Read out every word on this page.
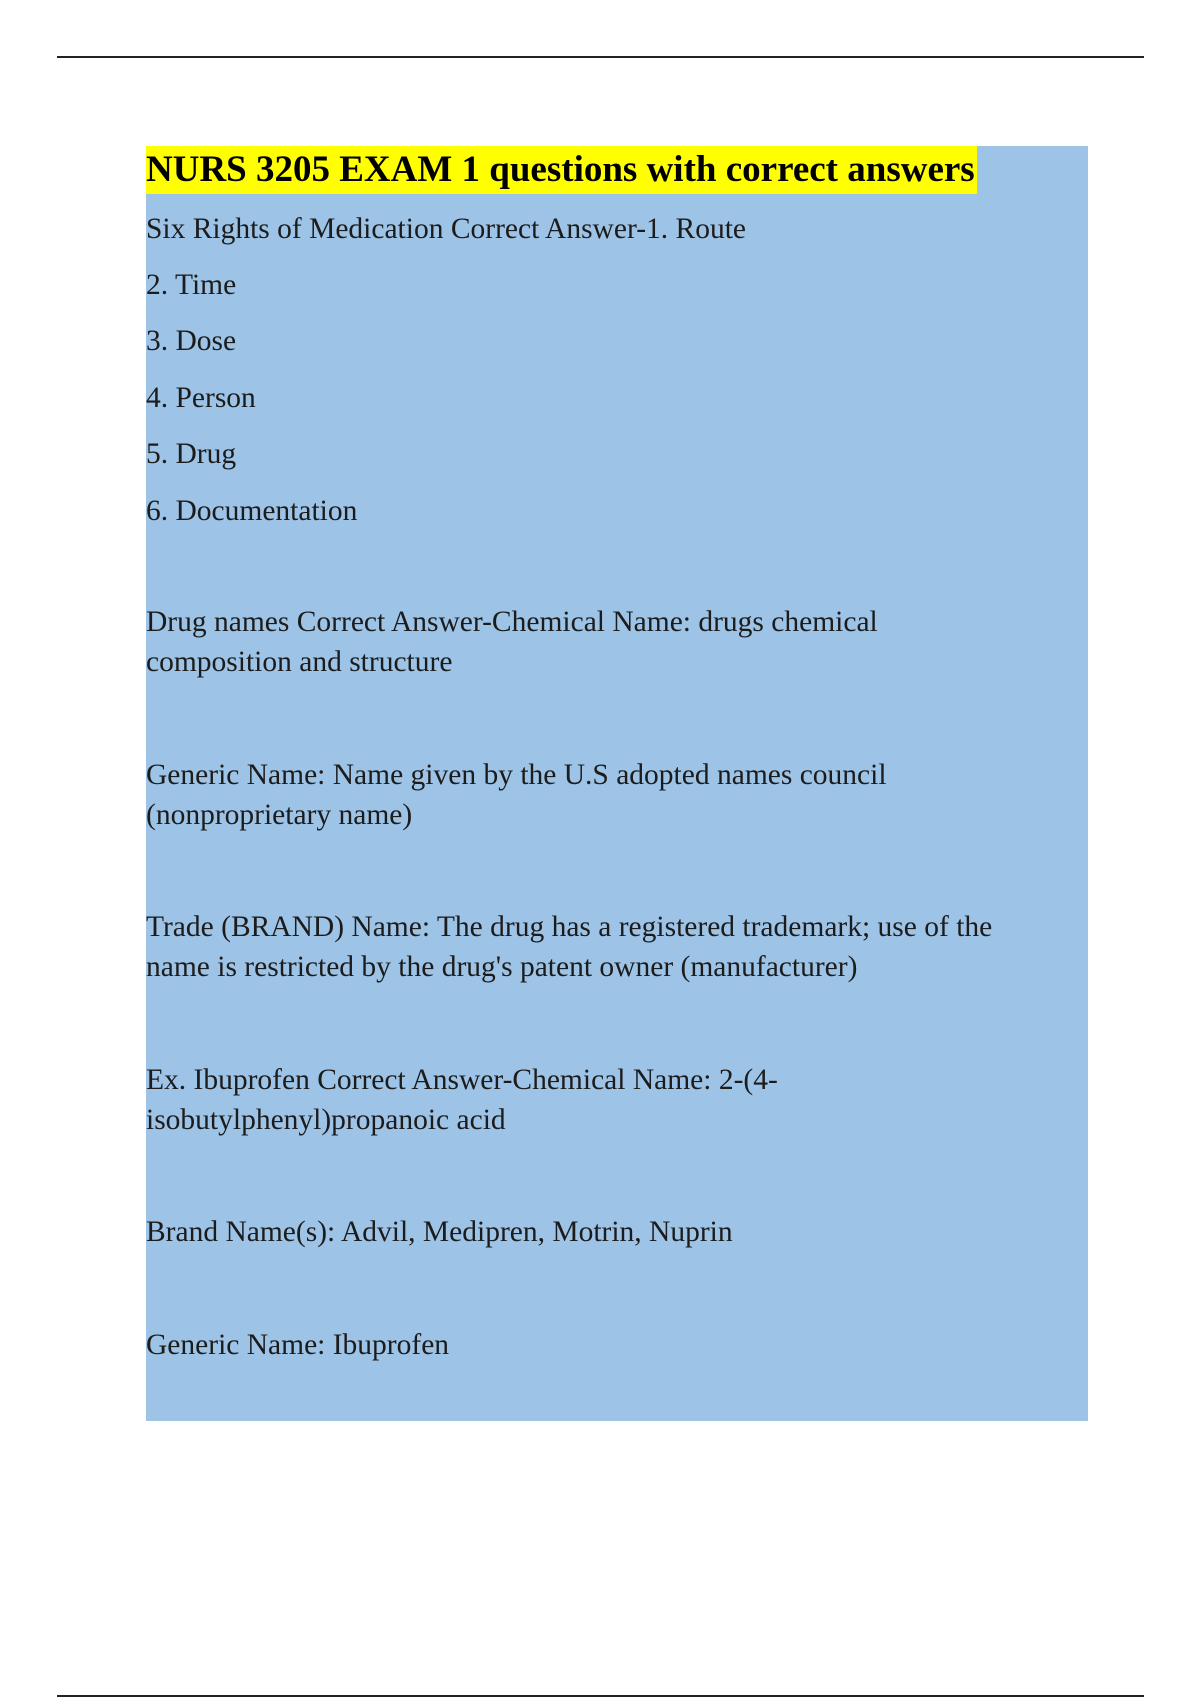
NURS 3205 EXAM 1 questions with correct answers

Six Rights of Medication Correct Answer-1. Route

2. Time

3. Dose

4. Person

5. Drug

6. Documentation

Drug names Correct Answer-Chemical Name: drugs chemical

composition and structure

Generic Name: Name given by the U.S adopted names council

(nonproprietary name)

Trade (BRAND) Name: The drug has a registered trademark; use of the

name is restricted by the drug's patent owner (manufacturer)

Ex. Ibuprofen Correct Answer-Chemical Name: 2-(4-

isobutylphenyl)propanoic acid

Brand Name(s): Advil, Medipren, Motrin, Nuprin

Generic Name: Ibuprofen
